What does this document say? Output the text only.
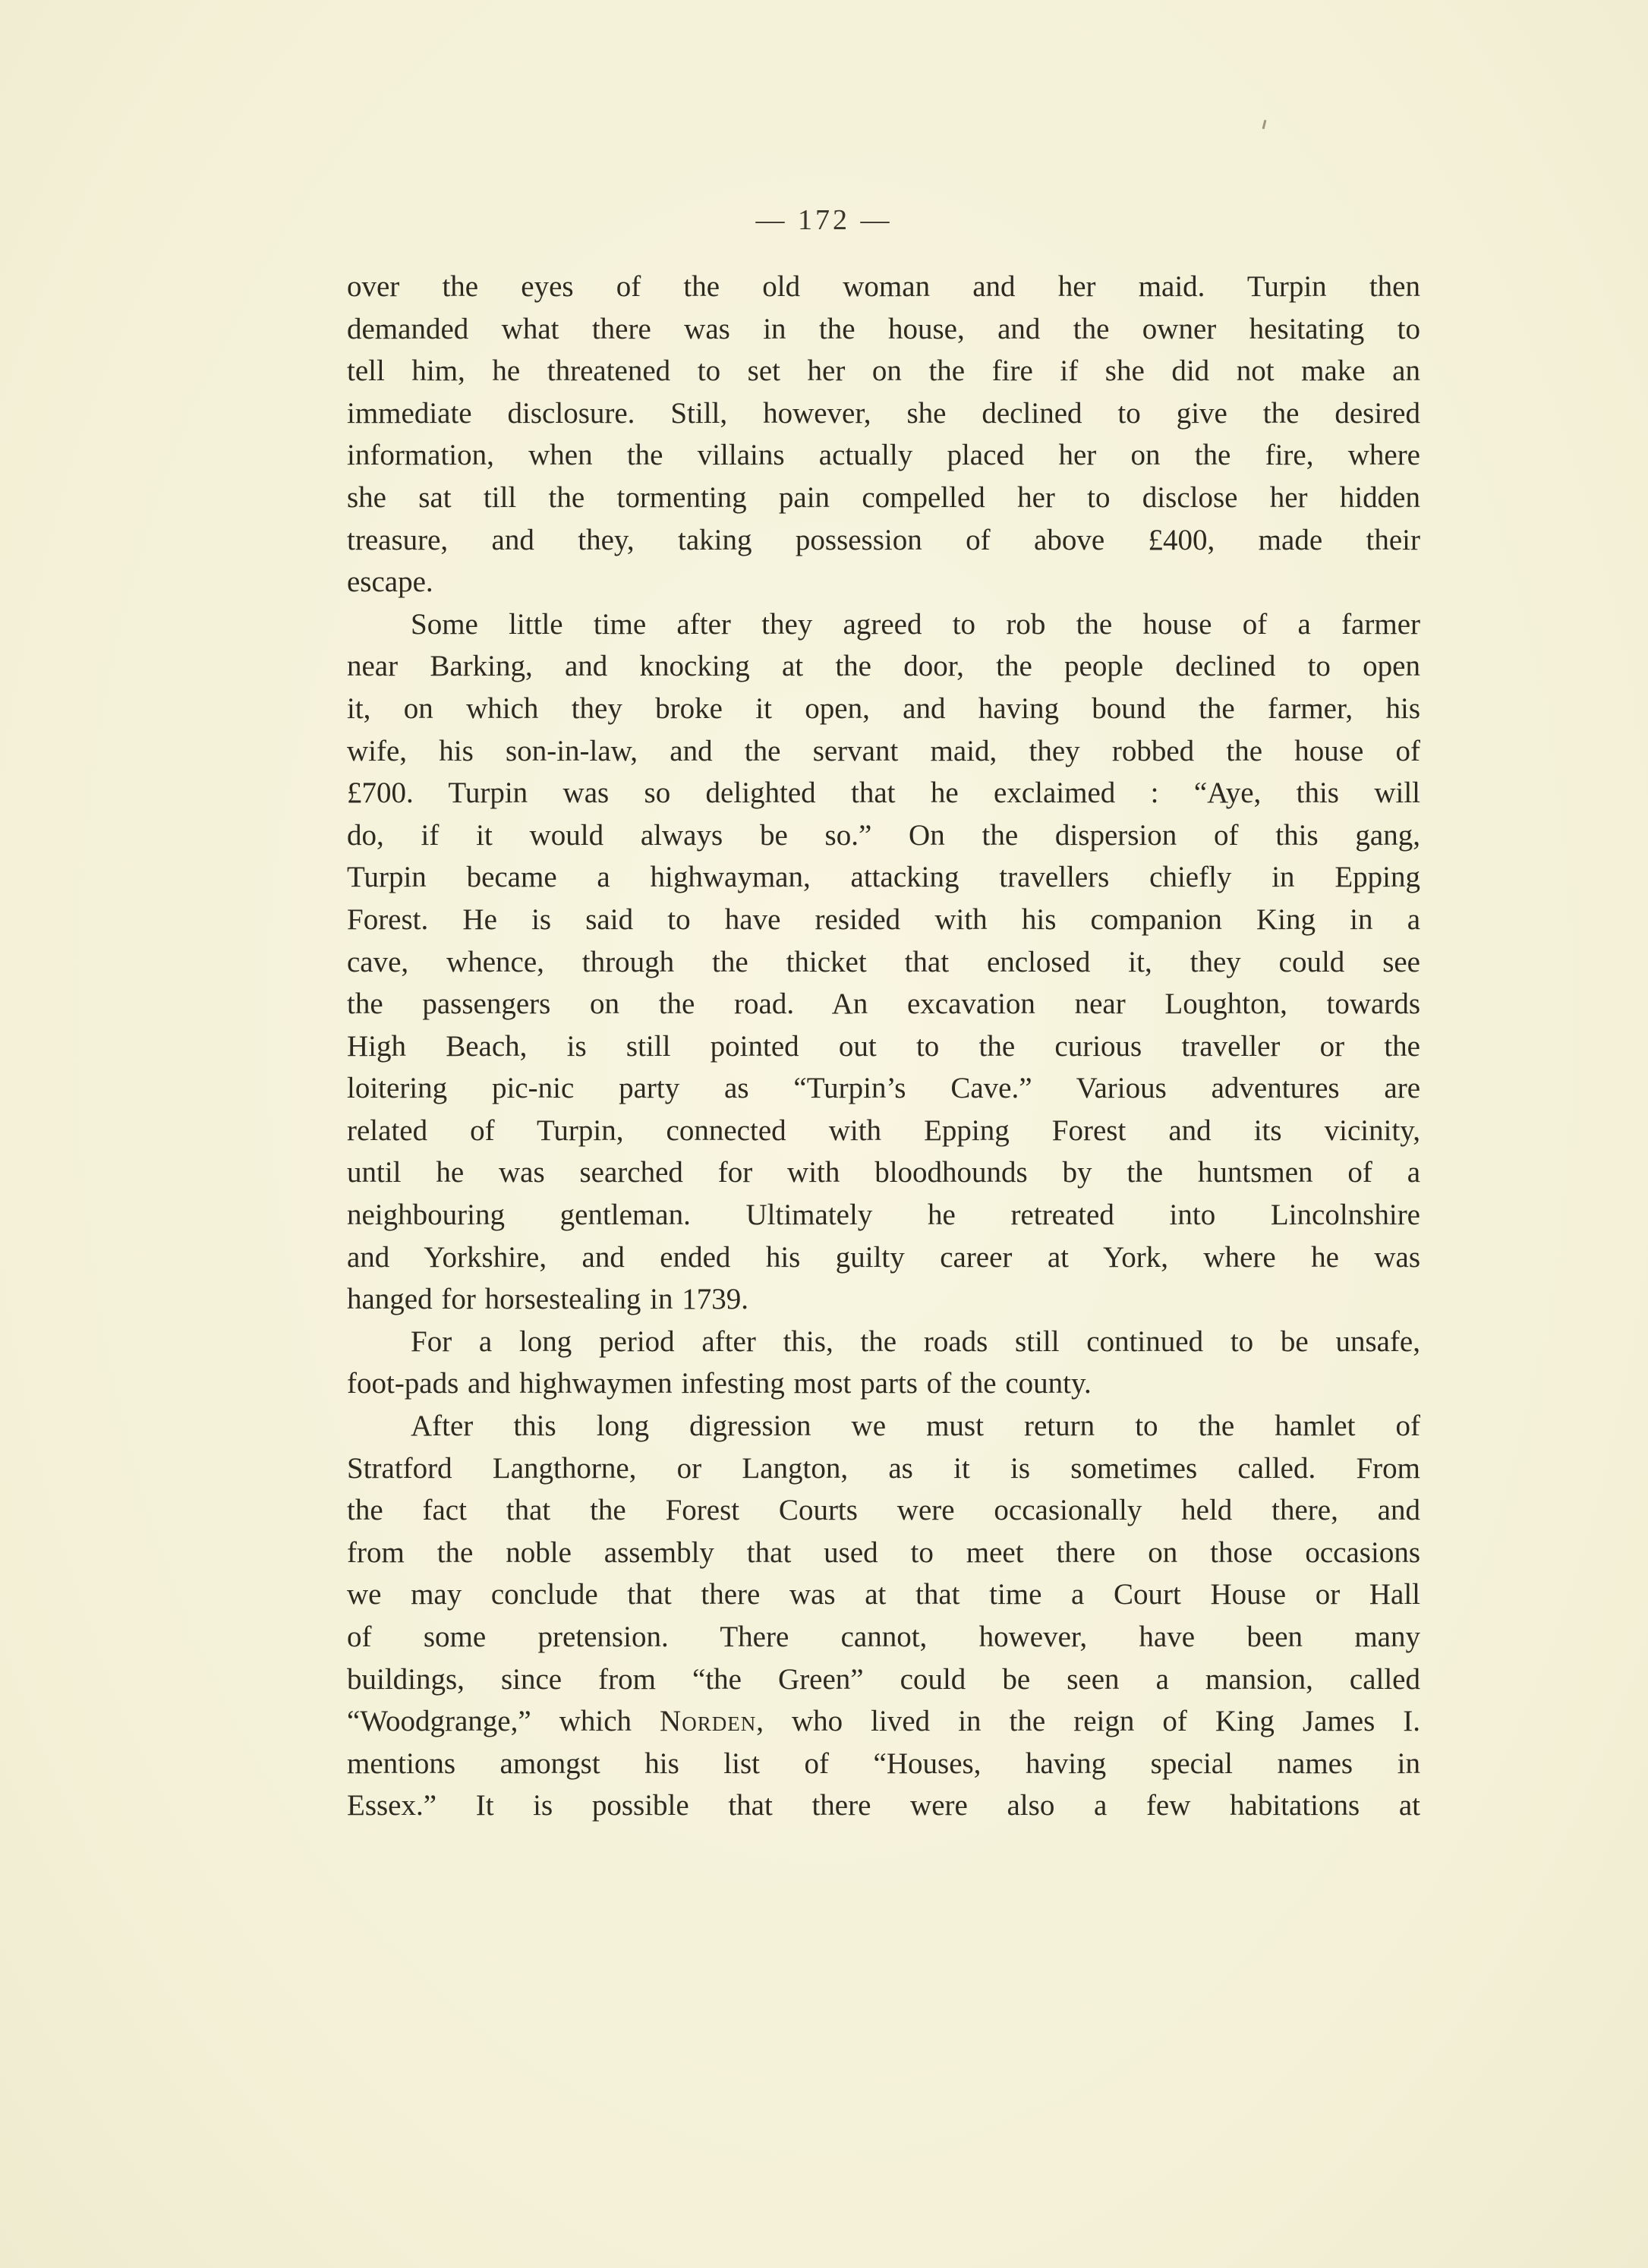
— 172 —
over the eyes of the old woman and her maid. Turpin then
demanded what there was in the house, and the owner hesitating to
tell him, he threatened to set her on the fire if she did not make an
immediate disclosure. Still, however, she declined to give the desired
information, when the villains actually placed her on the fire, where
she sat till the tormenting pain compelled her to disclose her hidden
treasure, and they, taking possession of above £400, made their
escape.
Some little time after they agreed to rob the house of a farmer
near Barking, and knocking at the door, the people declined to open
it, on which they broke it open, and having bound the farmer, his
wife, his son-in-law, and the servant maid, they robbed the house of
£700. Turpin was so delighted that he exclaimed : “Aye, this will
do, if it would always be so.” On the dispersion of this gang,
Turpin became a highwayman, attacking travellers chiefly in Epping
Forest. He is said to have resided with his companion King in a
cave, whence, through the thicket that enclosed it, they could see
the passengers on the road. An excavation near Loughton, towards
High Beach, is still pointed out to the curious traveller or the
loitering pic-nic party as “Turpin’s Cave.” Various adventures are
related of Turpin, connected with Epping Forest and its vicinity,
until he was searched for with bloodhounds by the huntsmen of a
neighbouring gentleman. Ultimately he retreated into Lincolnshire
and Yorkshire, and ended his guilty career at York, where he was
hanged for horsestealing in 1739.
For a long period after this, the roads still continued to be unsafe,
foot-pads and highwaymen infesting most parts of the county.
After this long digression we must return to the hamlet of
Stratford Langthorne, or Langton, as it is sometimes called. From
the fact that the Forest Courts were occasionally held there, and
from the noble assembly that used to meet there on those occasions
we may conclude that there was at that time a Court House or Hall
of some pretension. There cannot, however, have been many
buildings, since from “the Green” could be seen a mansion, called
“Woodgrange,” which Norden, who lived in the reign of King James I.
mentions amongst his list of “Houses, having special names in
Essex.” It is possible that there were also a few habitations at
